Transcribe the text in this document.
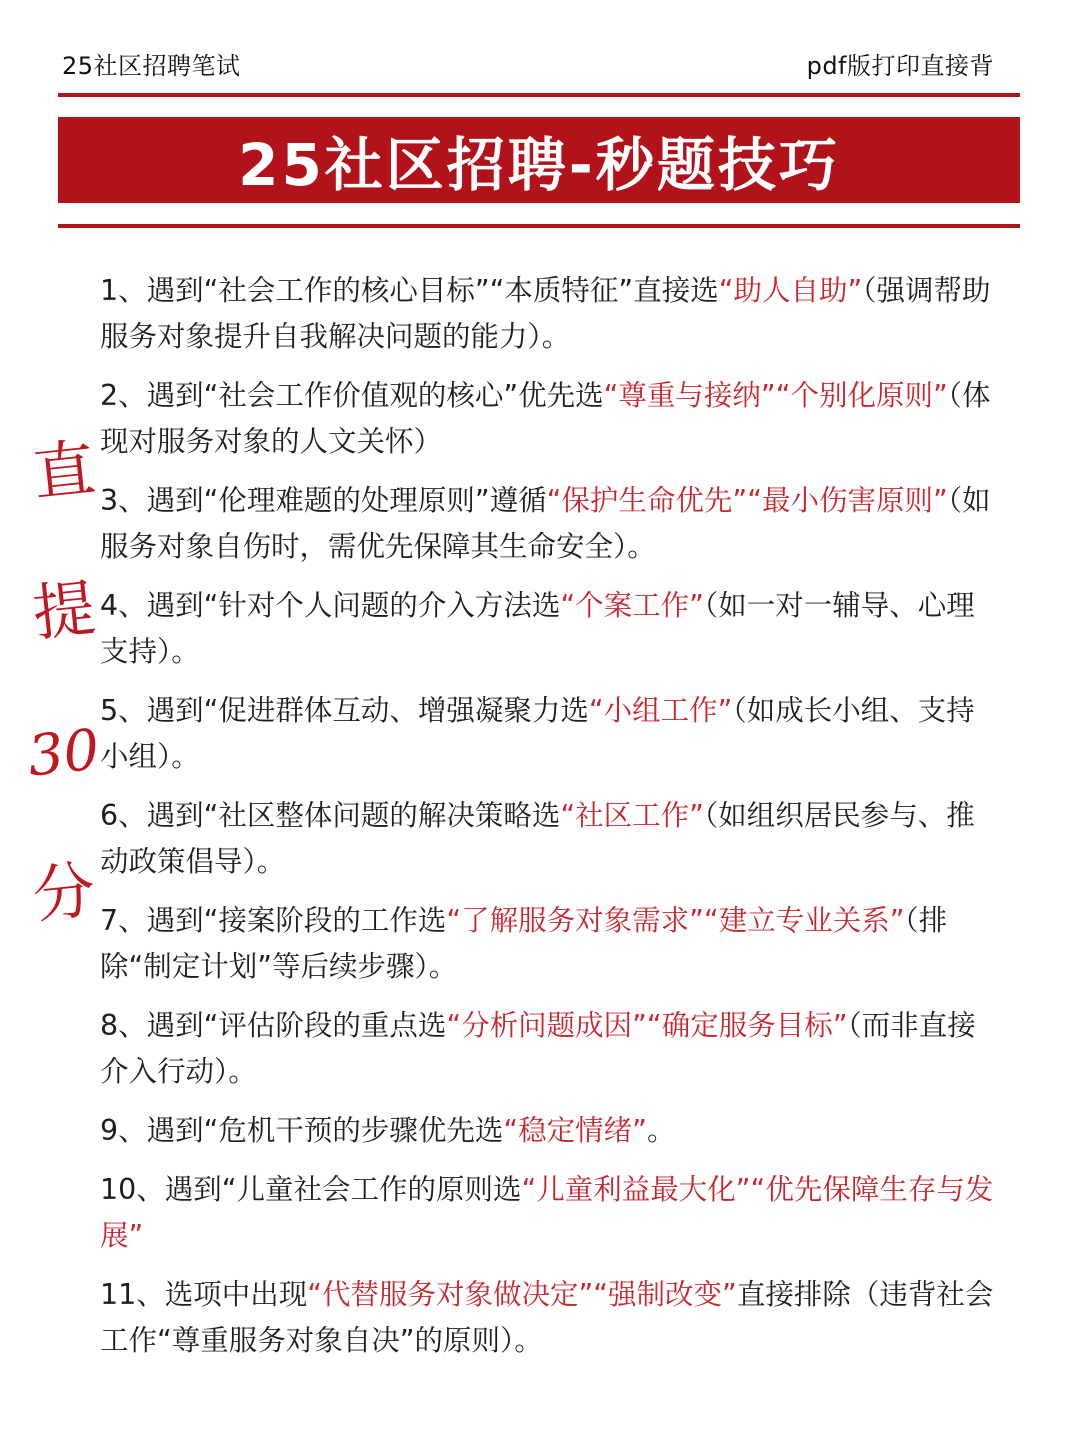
25社区招聘笔试	pdf版打印直接背
25社区招聘-秒题技巧
直
提
30
分

1、遇到“社会工作的核心目标”“本质特征”直接选“助人自助”（强调帮助服务对象提升自我解决问题的能力）。

2、遇到“社会工作价值观的核心”优先选“尊重与接纳”“个别化原则”（体现对服务对象的人文关怀）

3、遇到“伦理难题的处理原则”遵循“保护生命优先”“最小伤害原则”（如服务对象自伤时，需优先保障其生命安全）。

4、遇到“针对个人问题的介入方法选“个案工作”（如一对一辅导、心理支持）。

5、遇到“促进群体互动、增强凝聚力选“小组工作”（如成长小组、支持小组）。

6、遇到“社区整体问题的解决策略选“社区工作”（如组织居民参与、推动政策倡导）。

7、遇到“接案阶段的工作选“了解服务对象需求”“建立专业关系”（排除“制定计划”等后续步骤）。

8、遇到“评估阶段的重点选“分析问题成因”“确定服务目标”（而非直接介入行动）。

9、遇到“危机干预的步骤优先选“稳定情绪”。

10、遇到“儿童社会工作的原则选“儿童利益最大化”“优先保障生存与发展”

11、选项中出现“代替服务对象做决定”“强制改变”直接排除（违背社会工作“尊重服务对象自决”的原则）。
